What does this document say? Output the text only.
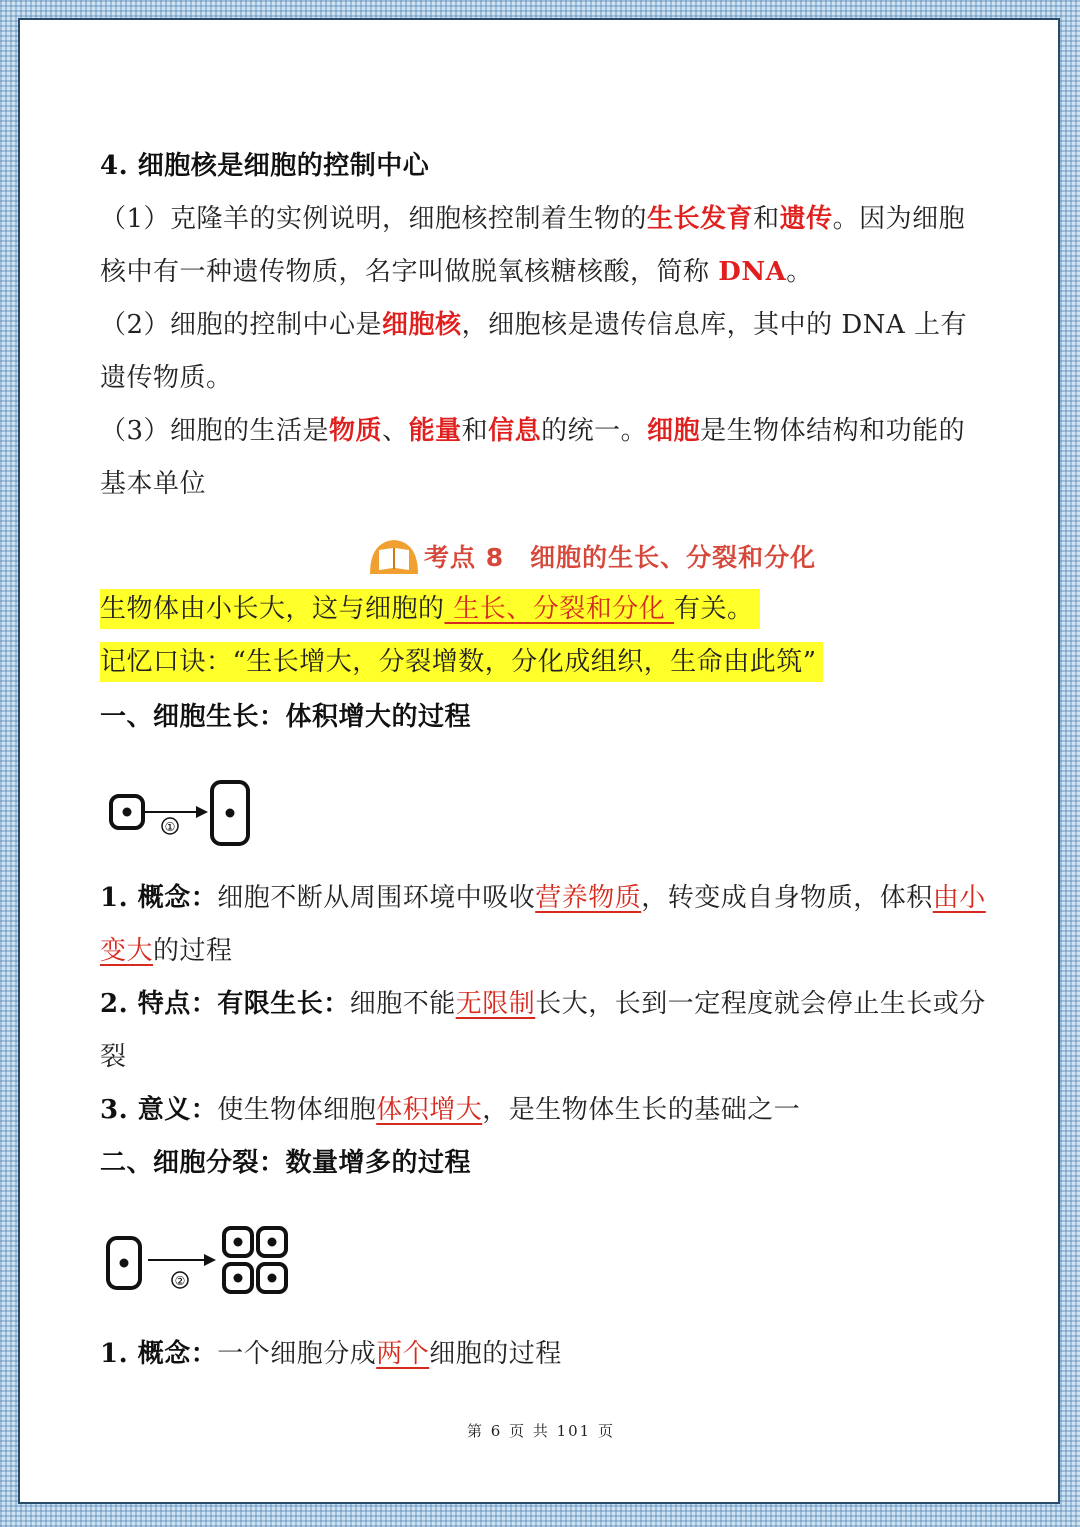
4. 细胞核是细胞的控制中心

（1）克隆羊的实例说明，细胞核控制着生物的生长发育和遗传。因为细胞核中有一种遗传物质，名字叫做脱氧核糖核酸，简称 DNA。

（2）细胞的控制中心是细胞核，细胞核是遗传信息库，其中的 DNA 上有遗传物质。

（3）细胞的生活是物质、能量和信息的统一。细胞是生物体结构和功能的基本单位

考点 8　细胞的生长、分裂和分化
生物体由小长大，这与细胞的 生长、分裂和分化 有关。
记忆口诀：“生长增大，分裂增数，分化成组织，生命由此筑”

一、细胞生长：体积增大的过程

①

1. 概念：细胞不断从周围环境中吸收营养物质，转变成自身物质，体积由小变大的过程

2. 特点：有限生长：细胞不能无限制长大，长到一定程度就会停止生长或分裂

3. 意义：使生物体细胞体积增大，是生物体生长的基础之一

二、细胞分裂：数量增多的过程

②

1. 概念：一个细胞分成两个细胞的过程

第 6 页 共 101 页
